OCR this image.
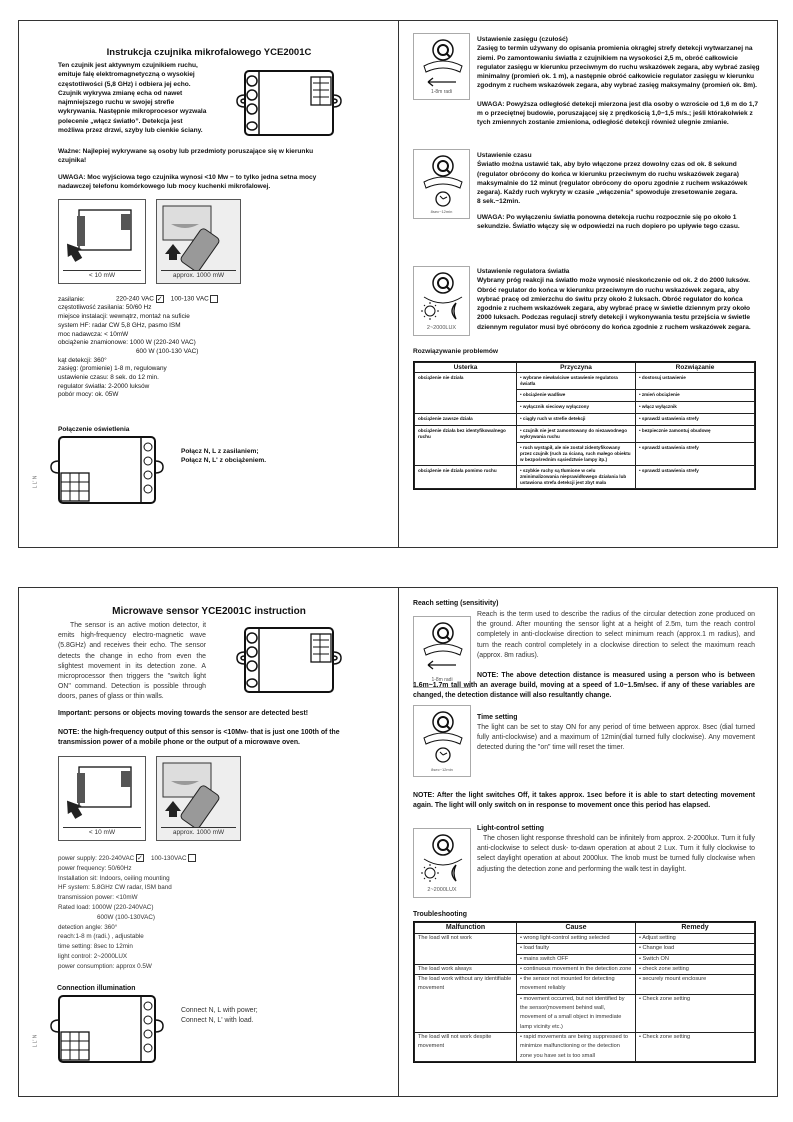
Instrukcja czujnika mikrofalowego YCE2001C
Ten czujnik jest aktywnym czujnikiem ruchu, emituje falę elektromagnetyczną o wysokiej częstotliwości (5,8 GHz) i odbiera jej echo. Czujnik wykrywa zmianę echa od nawet najmniejszego ruchu w swojej strefie wykrywania. Następnie mikroprocesor wyzwala polecenie „włącz światło”. Detekcja jest możliwa przez drzwi, szyby lub cienkie ściany.
Ważne: Najlepiej wykrywane są osoby lub przedmioty poruszające się w kierunku czujnika!
UWAGA: Moc wyjściowa tego czujnika wynosi <10 Mw − to tylko jedna setna mocy nadawczej telefonu komórkowego lub mocy kuchenki mikrofalowej.
< 10 mW	approx. 1000 mW
zasilanie:	220-240 VAC ✓ 100-130 VAC
częstotliwość zasilania: 50/60 Hz
miejsce instalacji: wewnątrz, montaż na suficie
system HF: radar CW 5,8 GHz, pasmo ISM
moc nadawcza: < 10mW
obciążenie znamionowe: 1000 W (220-240 VAC)
600 W (100-130 VAC)
kąt detekcji: 360°
zasięg: (promienie) 1-8 m, regulowany
ustawienie czasu: 8 sek. do 12 min.
regulator światła: 2-2000 luksów
pobór mocy: ok. 05W
Połączenie oświetlenia
L L' N
Połącz N, L z zasilaniem;
Połącz N, L' z obciążeniem.
1-8m radi
Ustawienie zasięgu (czułość)
Zasięg to termin używany do opisania promienia okrągłej strefy detekcji wytwarzanej na ziemi. Po zamontowaniu światła z czujnikiem na wysokości 2,5 m, obróć całkowicie regulator zasięgu w kierunku przeciwnym do ruchu wskazówek zegara, aby wybrać zasięg minimalny (promień ok. 1 m), a następnie obróć całkowicie regulator zasięgu w kierunku zgodnym z ruchem wskazówek zegara, aby wybrać zasięg maksymalny (promień ok. 8m).
UWAGA: Powyższa odległość detekcji mierzona jest dla osoby o wzroście od 1,6 m do 1,7 m o przeciętnej budowie, poruszającej się z prędkością 1,0−1,5 m/s.; jeśli którakolwiek z tych zmiennych zostanie zmieniona, odległość detekcji również ulegnie zmianie.
8sec~12min
Ustawienie czasu
Światło można ustawić tak, aby było włączone przez dowolny czas od ok. 8 sekund (regulator obrócony do końca w kierunku przeciwnym do ruchu wskazówek zegara) maksymalnie do 12 minut (regulator obrócony do oporu zgodnie z ruchem wskazówek zegara). Każdy ruch wykryty w czasie „włączenia” spowoduje zresetowanie zegara.
8 sek.~12min.
UWAGA: Po wyłączeniu światła ponowna detekcja ruchu rozpocznie się po około 1 sekundzie. Światło włączy się w odpowiedzi na ruch dopiero po upływie tego czasu.
2~2000LUX
Ustawienie regulatora światła
Wybrany próg reakcji na światło może wynosić nieskończenie od ok. 2 do 2000 luksów. Obróć regulator do końca w kierunku przeciwnym do ruchu wskazówek zegara, aby wybrać pracę od zmierzchu do świtu przy około 2 luksach. Obróć regulator do końca zgodnie z ruchem wskazówek zegara, aby wybrać pracę w świetle dziennym przy około 2000 luksach. Podczas regulacji strefy detekcji i wykonywania testu przejścia w świetle dziennym regulator musi być obrócony do końca zgodnie z ruchem wskazówek zegara.
Rozwiązywanie problemów
Usterka	Przyczyna	Rozwiązanie
obciążenie nie działa	• wybrane niewłaściwe ustawienie regulatora światła	• dostosuj ustawienie
	• obciążenie wadliwe	• zmień obciążenie
	• wyłącznik sieciowy wyłączony	• włącz wyłącznik
obciążenie zawsze działa	• ciągły ruch w strefie detekcji	• sprawdź ustawienia strefy
obciążenie działa bez identyfikowalnego ruchu	• czujnik nie jest zamontowany do niezawodnego wykrywania ruchu	• bezpiecznie zamontuj obudowę
	• ruch wystąpił, ale nie został zidentyfikowany przez czujnik (ruch za ścianą, ruch małego obiektu w bezpośrednim sąsiedztwie lampy itp.)	• sprawdź ustawienia strefy
obciążenie nie działa pomimo ruchu	• szybkie ruchy są tłumione w celu zminimalizowania nieprawidłowego działania lub ustawiona strefa detekcji jest zbyt mała	• sprawdź ustawienia strefy
Microwave sensor YCE2001C instruction
The sensor is an active motion detector, it emits high-frequency electro-magnetic wave (5.8GHz) and receives their echo. The sensor detects the change in echo from even the slightest movement in its detection zone. A microprocessor then triggers the "switch light ON" command. Detection is possible through doors, panes of glass or thin walls.
Important: persons or objects moving towards the sensor are detected best!
NOTE: the high-frequency output of this sensor is <10Mw- that is just one 100th of the transmission power of a mobile phone or the output of a microwave oven.
< 10 mW	approx. 1000 mW
power supply: 220-240VAC ✓ 100-130VAC
power frequency: 50/60Hz
Installation sit: Indoors, ceiling mounting
HF system: 5.8GHz CW radar, ISM band
transmission power: <10mW
Rated load: 1000W (220-240VAC)
600W (100-130VAC)
detection angle: 360°
reach:1-8 m (radi.) , adjustable
time setting: 8sec to 12min
light control: 2~2000LUX
power consumption: approx 0.5W
Connection illumination
L L' N
Connect N, L with power;
Connect N, L' with load.
Reach setting (sensitivity)
1-8m radi
Reach is the term used to describe the radius of the circular detection zone produced on the ground. After mounting the sensor light at a height of 2.5m, turn the reach control completely in anti-clockwise direction to select minimum reach (approx.1 m radius), and turn the reach control completely in a clockwise direction to select the maximum reach (approx. 8m radius).
NOTE: The above detection distance is measured using a person who is between 1.6m~1.7m tall with an average build, moving at a speed of 1.0~1.5m/sec. if any of these variables are changed, the detection distance will also resultantly change.
8sec~12min
Time setting
The light can be set to stay ON for any period of time between approx. 8sec (dial turned fully anti-clockwise) and a maximum of 12min(dial turned fully clockwise). Any movement detected during the "on" time will reset the timer.
NOTE: After the light switches Off, it takes approx. 1sec before it is able to start detecting movement again. The light will only switch on in response to movement once this period has elapsed.
2~2000LUX
Light-control setting
The chosen light response threshold can be infinitely from approx. 2-2000lux. Turn it fully anti-clockwise to select dusk- to-dawn operation at about 2 Lux. Turn it fully clockwise to select daylight operation at about 2000lux. The knob must be turned fully clockwise when adjusting the detection zone and performing the walk test in daylight.
Troubleshooting
Malfunction	Cause	Remedy
The load will not work	• wrong light-control setting selected	• Adjust setting
	• load faulty	• Change load
	• mains switch OFF	• Switch ON
The load work always	• continuous movement in the detection zone	• check zone setting
The load work without any identifiable movement	• the sensor not mounted for detecting movement reliably	• securely mount enclosure
	• movement occurred, but not identified by the sensor(movement behind wall, movement of a small object in immediate lamp vicinity etc.)	• Check zone setting
The load will not work despite movement	• rapid movements are being suppressed to minimize malfunctioning or the detection zone you have set is too small	• Check zone setting
